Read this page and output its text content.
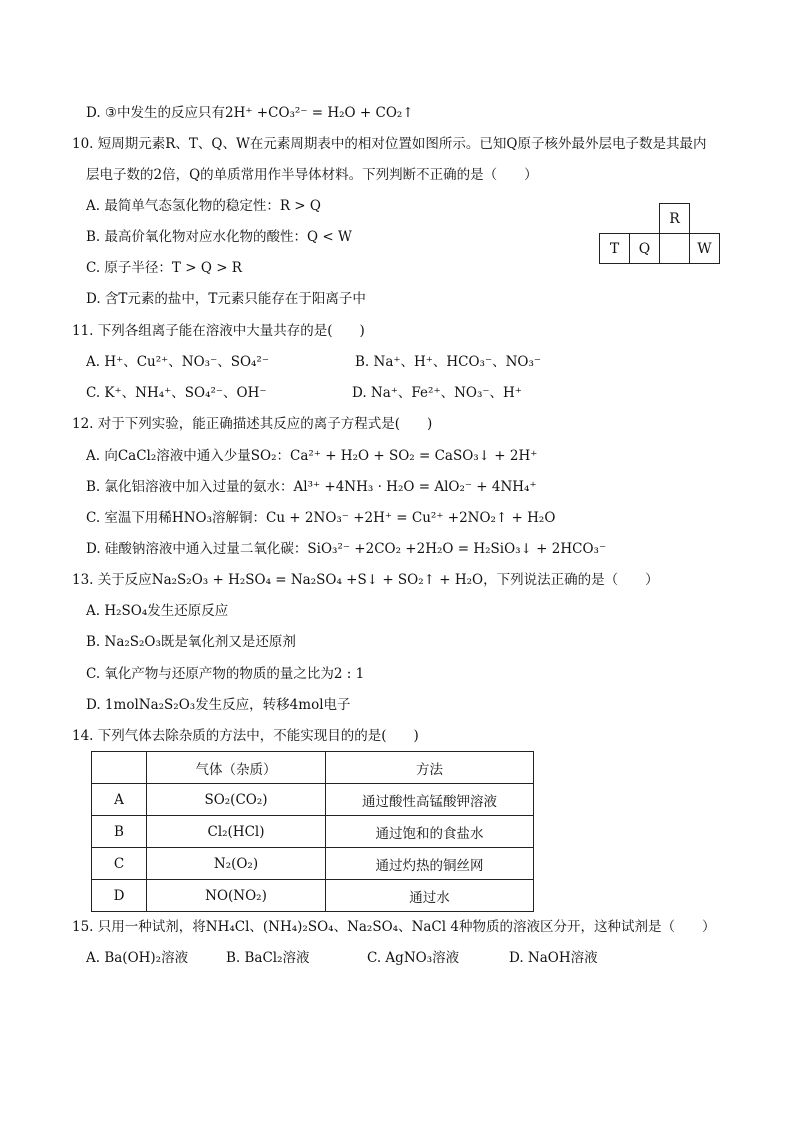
D. ③中发生的反应只有2H⁺ +CO₃²⁻ = H₂O + CO₂↑
10. 短周期元素R、T、Q、W在元素周期表中的相对位置如图所示。已知Q原子核外最外层电子数是其最内
层电子数的2倍，Q的单质常用作半导体材料。下列判断不正确的是（　　）
A. 最简单气态氢化物的稳定性：R > Q
B. 最高价氧化物对应水化物的酸性：Q < W
C. 原子半径：T > Q > R
D. 含T元素的盐中，T元素只能存在于阳离子中
		R	
T	Q		W
11. 下列各组离子能在溶液中大量共存的是(　　)
A. H⁺、Cu²⁺、NO₃⁻、SO₄²⁻	B. Na⁺、H⁺、HCO₃⁻、NO₃⁻
C. K⁺、NH₄⁺、SO₄²⁻、OH⁻	D. Na⁺、Fe²⁺、NO₃⁻、H⁺
12. 对于下列实验，能正确描述其反应的离子方程式是(　　)
A. 向CaCl₂溶液中通入少量SO₂：Ca²⁺ + H₂O + SO₂ = CaSO₃↓ + 2H⁺
B. 氯化铝溶液中加入过量的氨水：Al³⁺ +4NH₃ · H₂O = AlO₂⁻ + 4NH₄⁺
C. 室温下用稀HNO₃溶解铜：Cu + 2NO₃⁻ +2H⁺ = Cu²⁺ +2NO₂↑ + H₂O
D. 硅酸钠溶液中通入过量二氧化碳：SiO₃²⁻ +2CO₂ +2H₂O = H₂SiO₃↓ + 2HCO₃⁻
13. 关于反应Na₂S₂O₃ + H₂SO₄ = Na₂SO₄ +S↓ + SO₂↑ + H₂O，下列说法正确的是（　　）
A. H₂SO₄发生还原反应
B. Na₂S₂O₃既是氧化剂又是还原剂
C. 氧化产物与还原产物的物质的量之比为2 : 1
D. 1molNa₂S₂O₃发生反应，转移4mol电子
14. 下列气体去除杂质的方法中，不能实现目的的是(　　)
	气体（杂质）	方法
A	SO₂(CO₂)	通过酸性高锰酸钾溶液
B	Cl₂(HCl)	通过饱和的食盐水
C	N₂(O₂)	通过灼热的铜丝网
D	NO(NO₂)	通过水
15. 只用一种试剂，将NH₄Cl、(NH₄)₂SO₄、Na₂SO₄、NaCl 4种物质的溶液区分开，这种试剂是（　　）
A. Ba(OH)₂溶液	B. BaCl₂溶液	C. AgNO₃溶液	D. NaOH溶液
